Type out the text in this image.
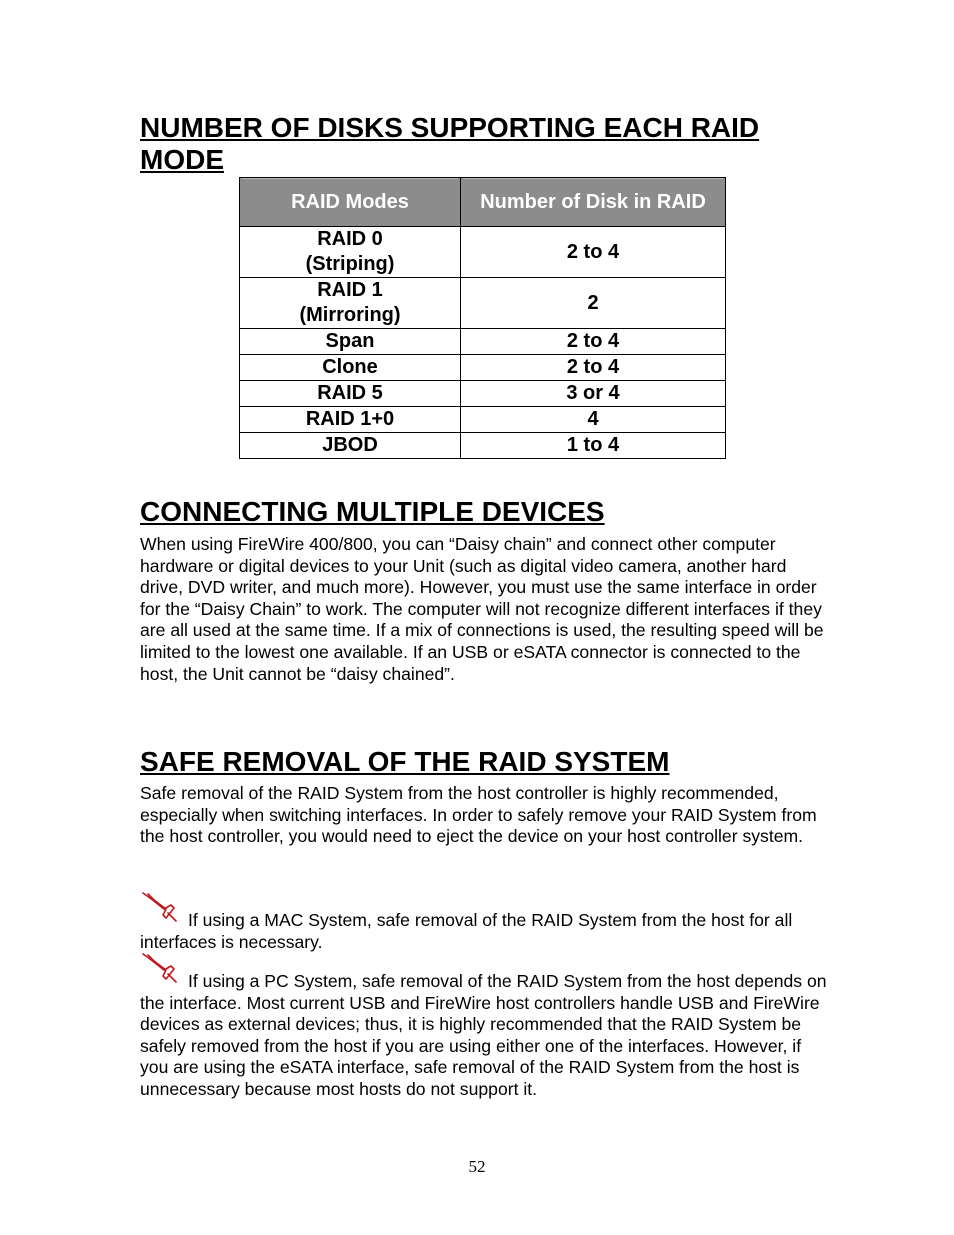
NUMBER OF DISKS SUPPORTING EACH RAID MODE
RAID Modes	Number of Disk in RAID

RAID 0
(Striping)	2 to 4
RAID 1
(Mirroring)	2
Span	2 to 4
Clone	2 to 4
RAID 5	3 or 4
RAID 1+0	4
JBOD	1 to 4
CONNECTING MULTIPLE DEVICES

When using FireWire 400/800, you can “Daisy chain” and connect other computer hardware or digital devices to your Unit (such as digital video camera, another hard drive, DVD writer, and much more). However, you must use the same interface in order for the “Daisy Chain” to work. The computer will not recognize different interfaces if they are all used at the same time. If a mix of connections is used, the resulting speed will be limited to the lowest one available. If an USB or eSATA connector is connected to the host, the Unit cannot be “daisy chained”.

SAFE REMOVAL OF THE RAID SYSTEM

Safe removal of the RAID System from the host controller is highly recommended, especially when switching interfaces. In order to safely remove your RAID System from the host controller, you would need to eject the device on your host controller system.

If using a MAC System, safe removal of the RAID System from the host for all interfaces is necessary.

If using a PC System, safe removal of the RAID System from the host depends on the interface. Most current USB and FireWire host controllers handle USB and FireWire devices as external devices; thus, it is highly recommended that the RAID System be safely removed from the host if you are using either one of the interfaces. However, if you are using the eSATA interface, safe removal of the RAID System from the host is unnecessary because most hosts do not support it.

52
